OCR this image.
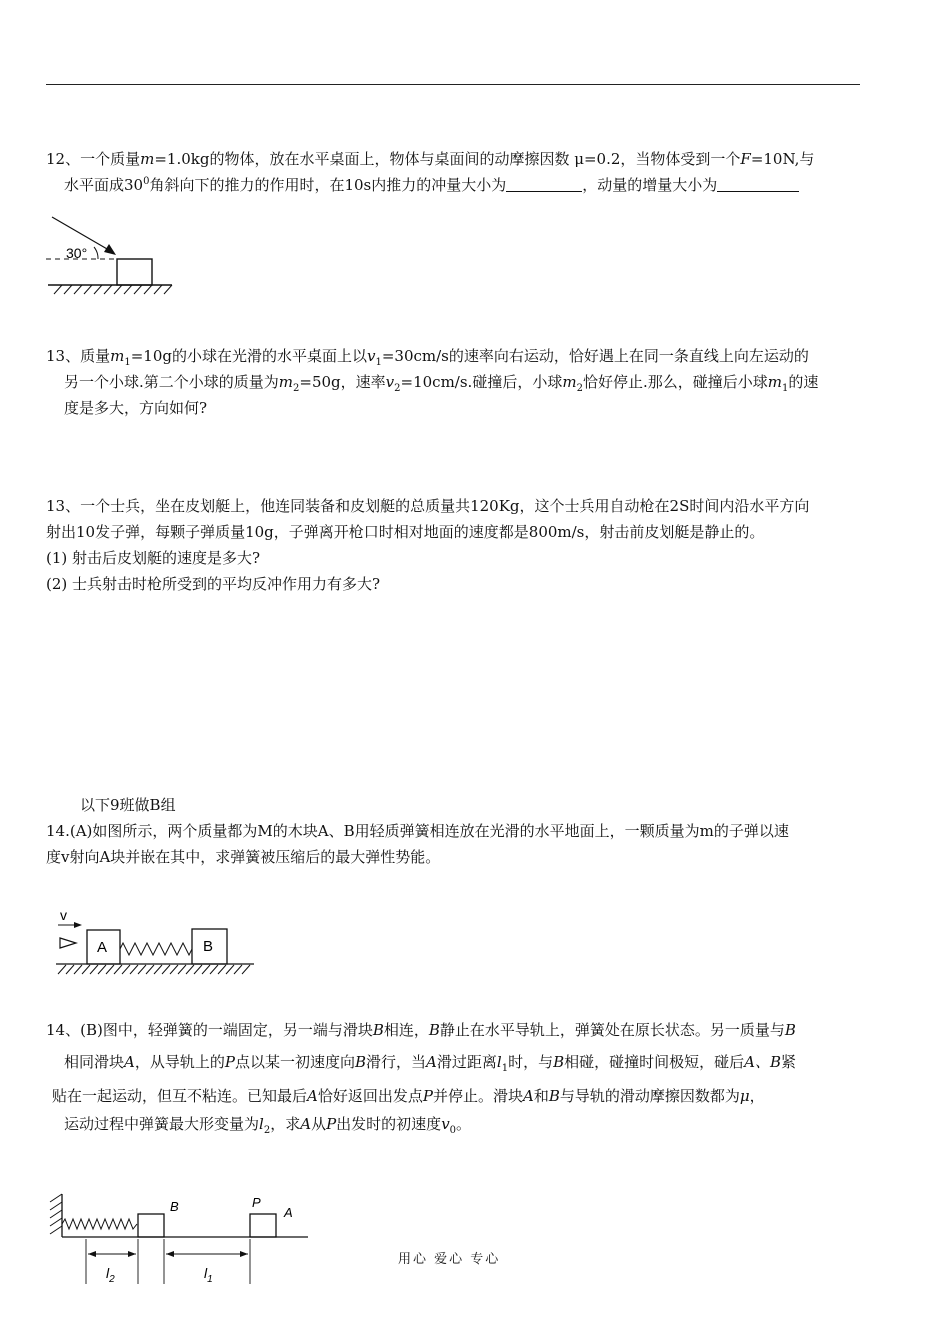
12、一个质量m=1.0kg的物体，放在水平桌面上，物体与桌面间的动摩擦因数 μ=0.2，当物体受到一个F=10N,与
水平面成$30^0$角斜向下的推力的作用时，在10s内推力的冲量大小为	，动量的增量大小为
30°
13、质量$m_1=10g$的小球在光滑的水平桌面上以$v_1=30cm/s$的速率向右运动，恰好遇上在同一条直线上向左运动的
另一个小球.第二个小球的质量为$m_2=50g$，速率$v_2=10cm/s$.碰撞后，小球$m_2$恰好停止.那么，碰撞后小球$m_1$的速
度是多大，方向如何?
13、一个士兵，坐在皮划艇上，他连同装备和皮划艇的总质量共120Kg，这个士兵用自动枪在2S时间内沿水平方向
射出10发子弹，每颗子弹质量10g，子弹离开枪口时相对地面的速度都是800m/s，射击前皮划艇是静止的。
(1) 射击后皮划艇的速度是多大?
(2) 士兵射击时枪所受到的平均反冲作用力有多大?
以下9班做B组
14.(A)如图所示，两个质量都为M的木块A、B用轻质弹簧相连放在光滑的水平地面上，一颗质量为m的子弹以速
度v射向A块并嵌在其中，求弹簧被压缩后的最大弹性势能。
v
A	B
14、(B)图中，轻弹簧的一端固定，另一端与滑块B相连，B静止在水平导轨上，弹簧处在原长状态。另一质量与B
相同滑块A，从导轨上的P点以某一初速度向B滑行，当A滑过距离$l_1$时，与B相碰，碰撞时间极短，碰后A、B紧
贴在一起运动，但互不粘连。已知最后A恰好返回出发点P并停止。滑块A和B与导轨的滑动摩擦因数都为μ，
运动过程中弹簧最大形变量为$l_2$，求A从P出发时的初速度$v_0$。
B	P
A
$l_2$	$l_1$
用心 爱心 专心
